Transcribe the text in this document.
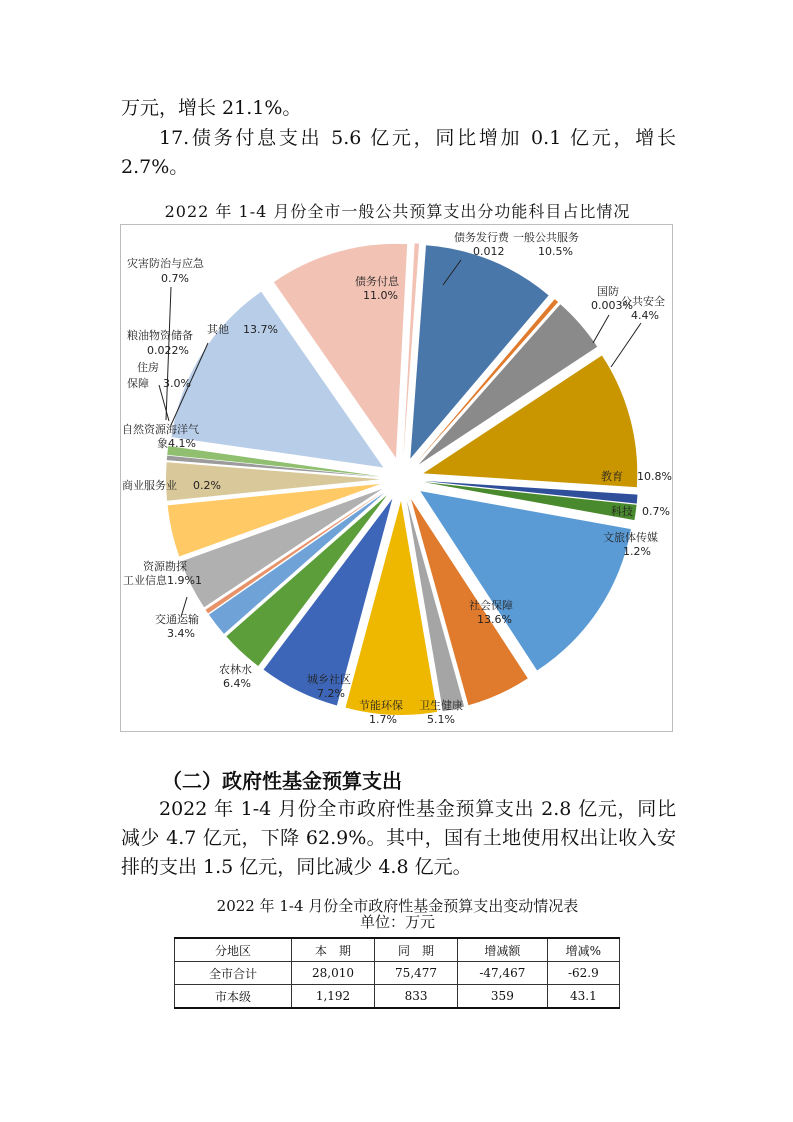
万元，增长 21.1%。

17.债务付息支出 5.6 亿元，同比增加 0.1 亿元，增长 2.7%。

2022 年 1-4 月份全市一般公共预算支出分功能科目占比情况
债务发行费 0.012
一般公共服务 10.5%
国防 0.003%
公共安全 4.4%
教育 10.8%
科技 0.7%
文旅体传媒 1.2%
社会保障 13.6%
卫生健康 5.1%
节能环保 1.7%
城乡社区 7.2%
农林水 6.4%
交通运输 3.4%
资源勘探工业信息1.9%1
商业服务业 0.2%
自然资源海洋气象4.1%
住房保障 3.0%
粮油物资储备 0.022%
灾害防治与应急 0.7%
其他 13.7%
债务付息 11.0%
（二）政府性基金预算支出

2022 年 1-4 月份全市政府性基金预算支出 2.8 亿元，同比减少 4.7 亿元，下降 62.9%。其中，国有土地使用权出让收入安排的支出 1.5 亿元，同比减少 4.8 亿元。

2022 年 1-4 月份全市政府性基金预算支出变动情况表
单位：万元
分地区	本　期	同　期	增减额	增减%
全市合计	28,010	75,477	-47,467	-62.9
市本级	1,192	833	359	43.1
